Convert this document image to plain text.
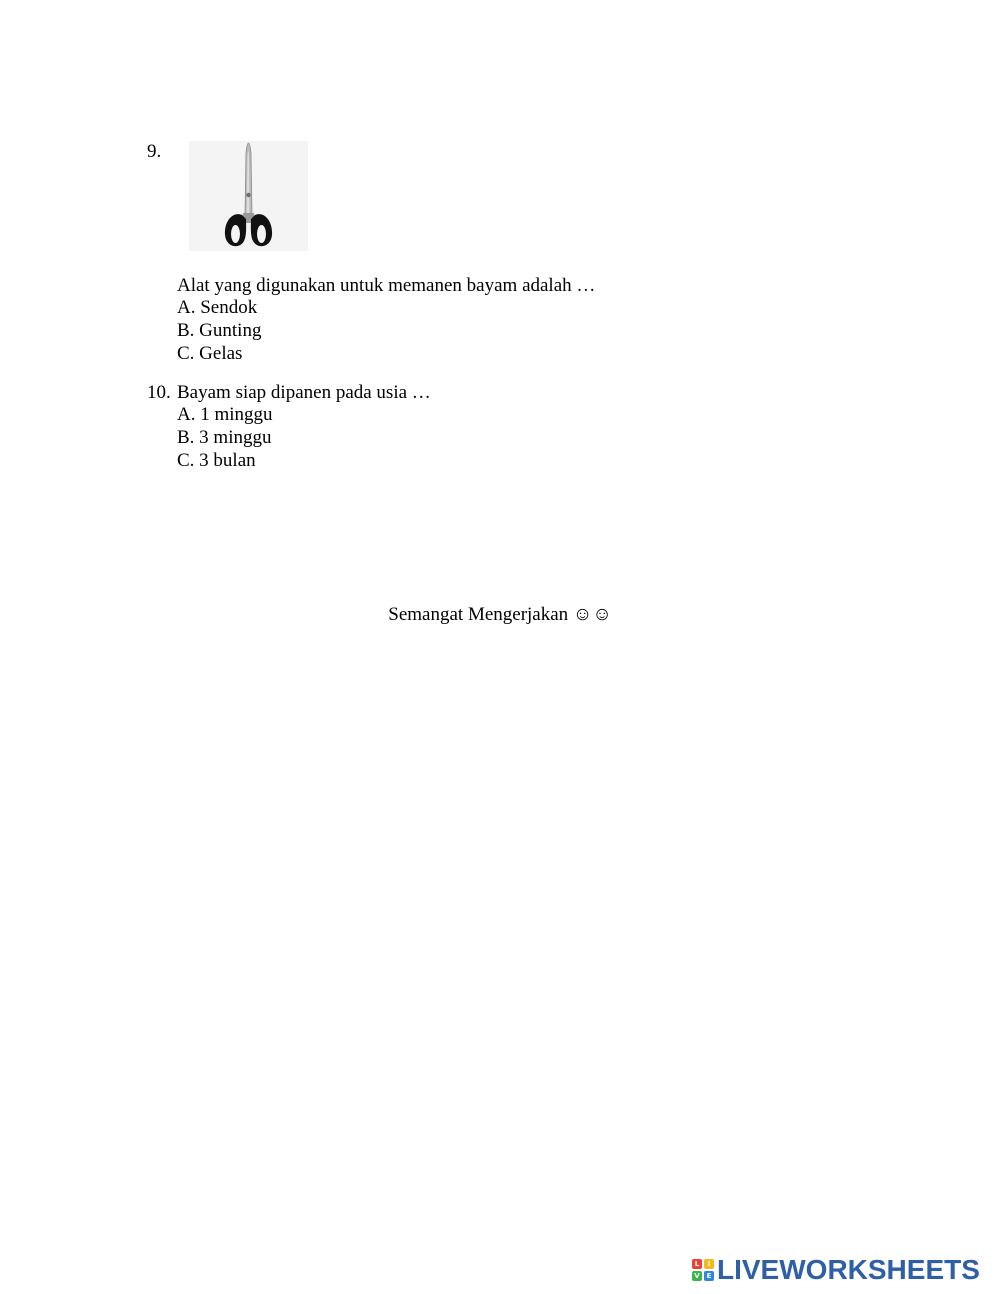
9.
Alat yang digunakan untuk memanen bayam adalah …
A. Sendok
B. Gunting
C. Gelas
10. Bayam siap dipanen pada usia …
A. 1 minggu
B. 3 minggu
C. 3 bulan
Semangat Mengerjakan ☺☺
L	I
V E LIVEWORKSHEETS
